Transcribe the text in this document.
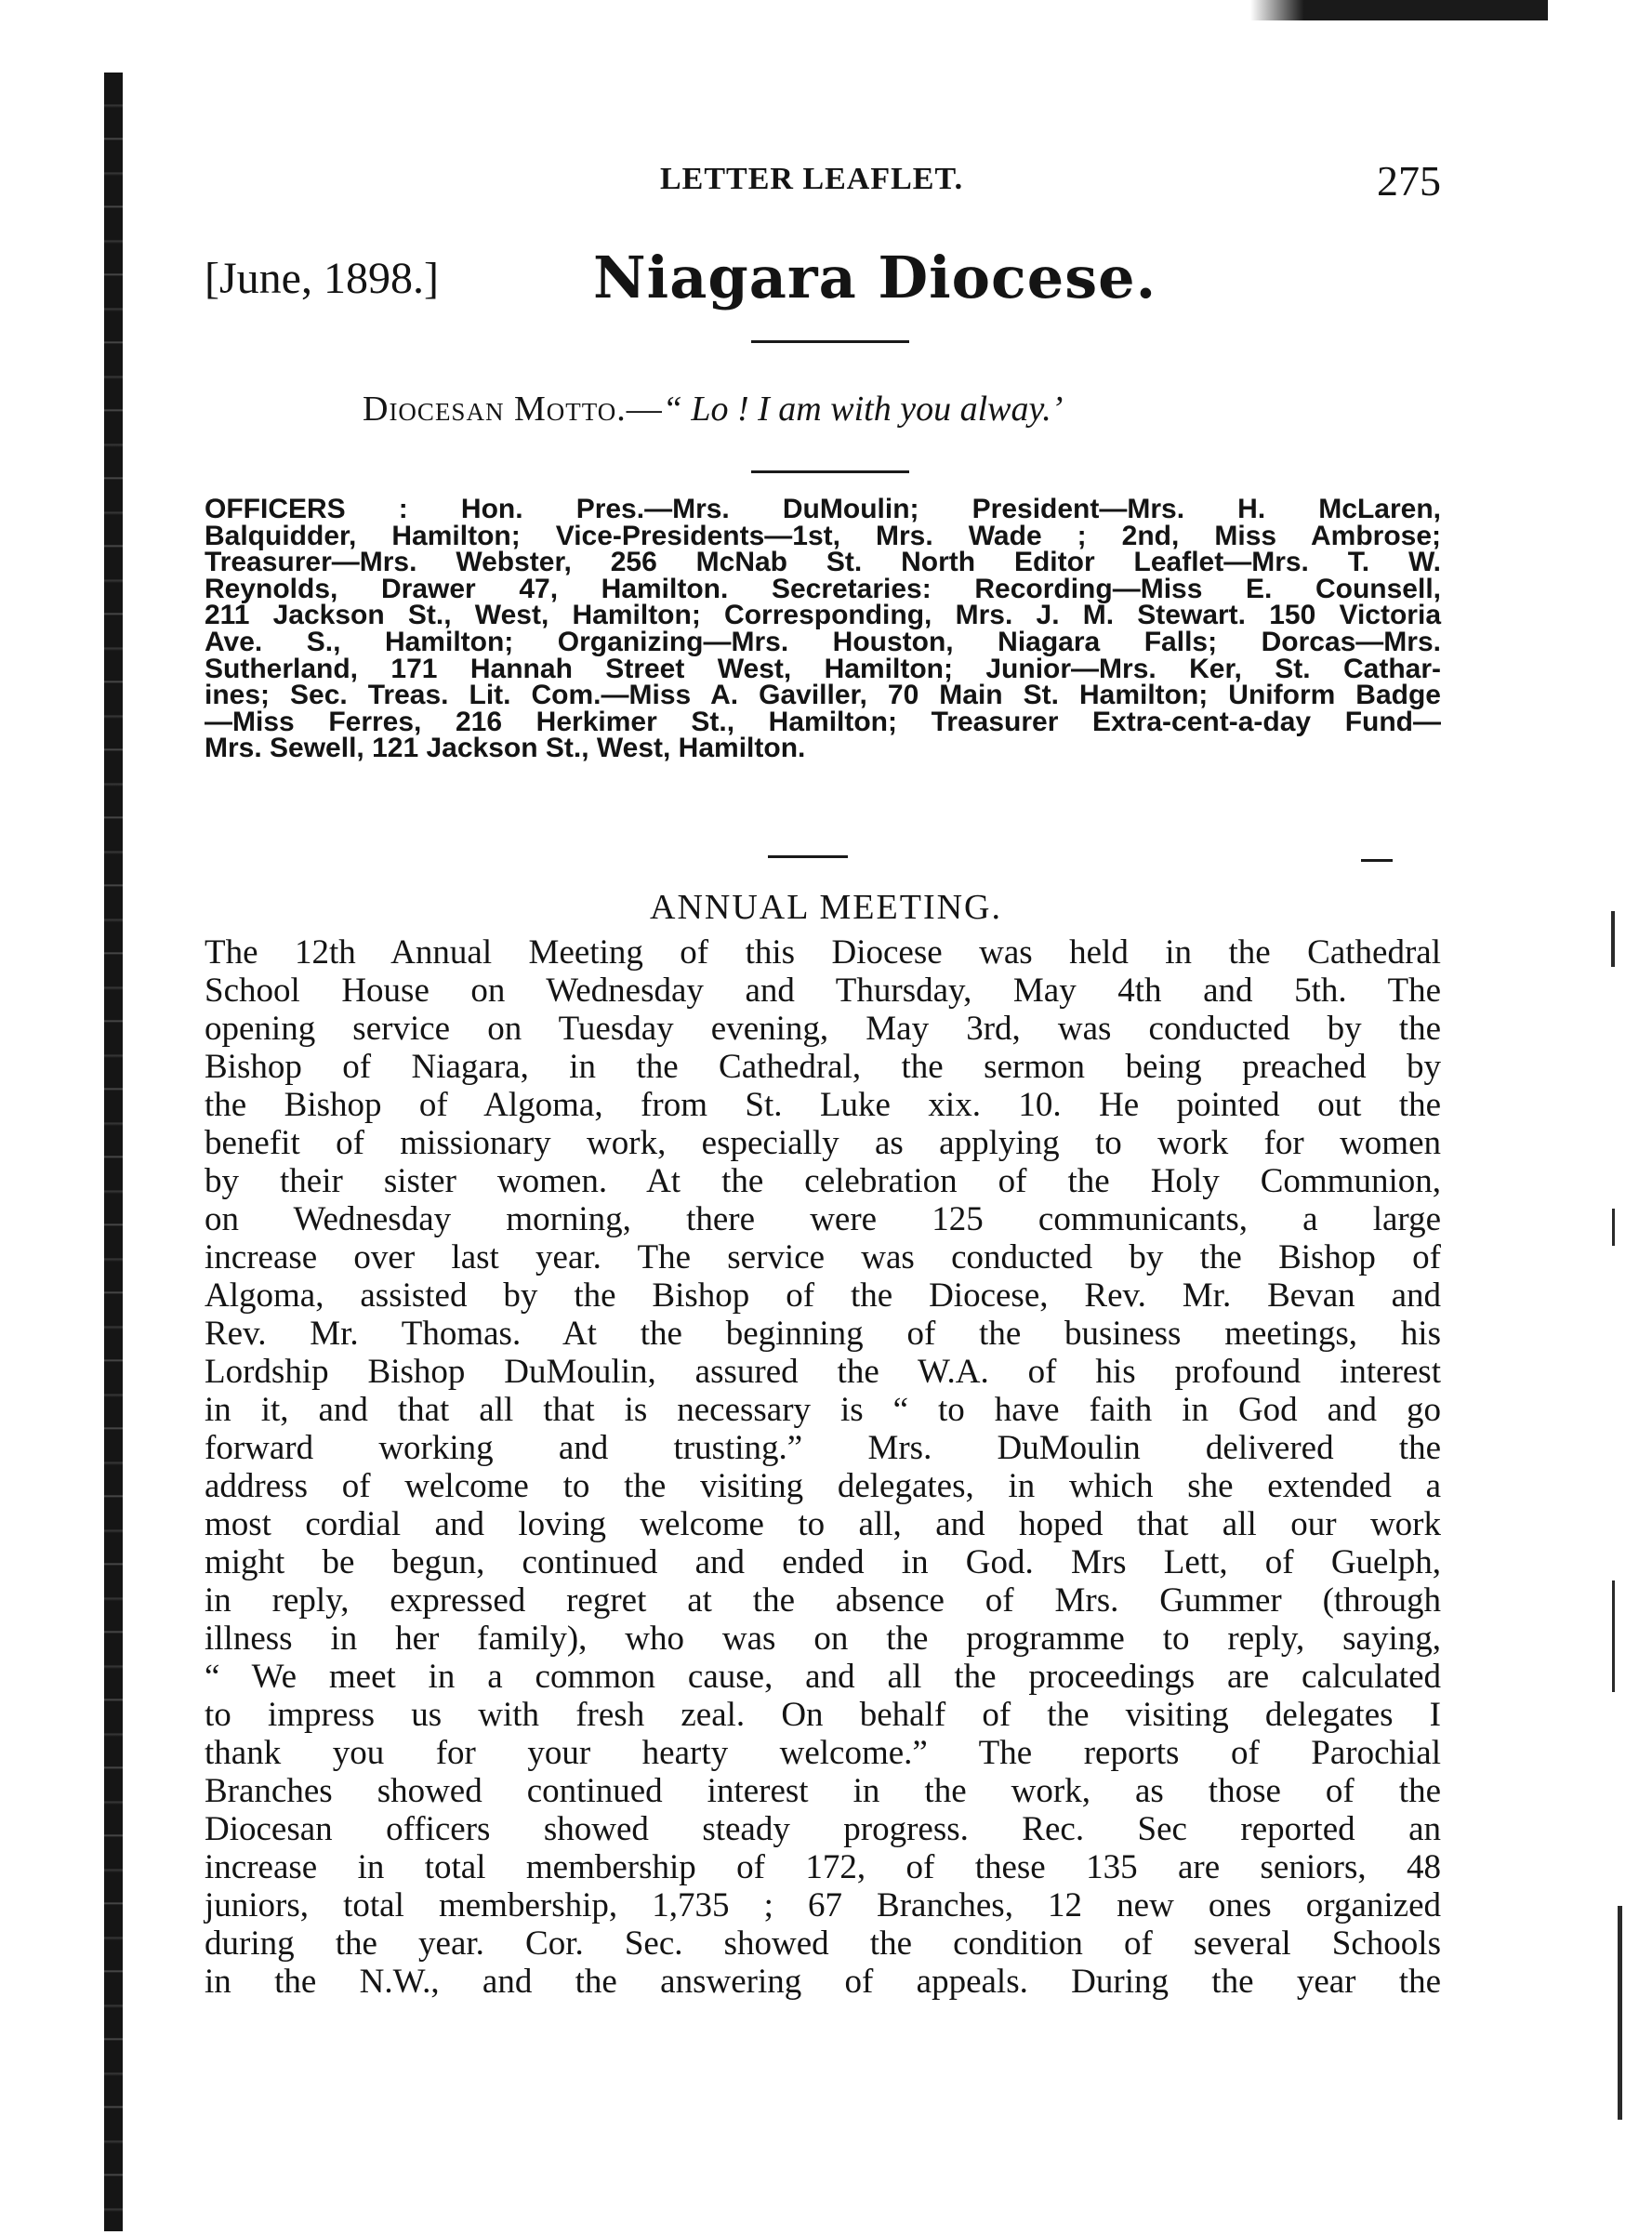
LETTER LEAFLET.	275
[June, 1898.]	Niagara Diocese.
Diocesan Motto.—“ Lo ! I am with you alway.’
OFFICERS : Hon. Pres.—Mrs. DuMoulin; President—Mrs. H. McLaren,
Balquidder, Hamilton; Vice-Presidents—1st, Mrs. Wade ; 2nd, Miss Ambrose;
Treasurer—Mrs. Webster, 256 McNab St. North Editor Leaflet—Mrs. T. W.
Reynolds, Drawer 47, Hamilton. Secretaries: Recording—Miss E. Counsell,
211 Jackson St., West, Hamilton; Corresponding, Mrs. J. M. Stewart. 150 Victoria
Ave. S., Hamilton; Organizing—Mrs. Houston, Niagara Falls; Dorcas—Mrs.
Sutherland, 171 Hannah Street West, Hamilton; Junior—Mrs. Ker, St. Cathar-
ines; Sec. Treas. Lit. Com.—Miss A. Gaviller, 70 Main St. Hamilton; Uniform Badge
—Miss Ferres, 216 Herkimer St., Hamilton; Treasurer Extra-cent-a-day Fund—
Mrs. Sewell, 121 Jackson St., West, Hamilton.
ANNUAL MEETING.
The 12th Annual Meeting of this Diocese was held in the Cathedral
School House on Wednesday and Thursday, May 4th and 5th. The
opening service on Tuesday evening, May 3rd, was conducted by the
Bishop of Niagara, in the Cathedral, the sermon being preached by
the Bishop of Algoma, from St. Luke xix. 10. He pointed out the
benefit of missionary work, especially as applying to work for women
by their sister women. At the celebration of the Holy Communion,
on Wednesday morning, there were 125 communicants, a large
increase over last year. The service was conducted by the Bishop of
Algoma, assisted by the Bishop of the Diocese, Rev. Mr. Bevan and
Rev. Mr. Thomas. At the beginning of the business meetings, his
Lordship Bishop DuMoulin, assured the W.A. of his profound interest
in it, and that all that is necessary is “ to have faith in God and go
forward working and trusting.” Mrs. DuMoulin delivered the
address of welcome to the visiting delegates, in which she extended a
most cordial and loving welcome to all, and hoped that all our work
might be begun, continued and ended in God. Mrs Lett, of Guelph,
in reply, expressed regret at the absence of Mrs. Gummer (through
illness in her family), who was on the programme to reply, saying,
“ We meet in a common cause, and all the proceedings are calculated
to impress us with fresh zeal. On behalf of the visiting delegates I
thank you for your hearty welcome.” The reports of Parochial
Branches showed continued interest in the work, as those of the
Diocesan officers showed steady progress. Rec. Sec reported an
increase in total membership of 172, of these 135 are seniors, 48
juniors, total membership, 1,735 ; 67 Branches, 12 new ones organized
during the year. Cor. Sec. showed the condition of several Schools
in the N.W., and the answering of appeals. During the year the
